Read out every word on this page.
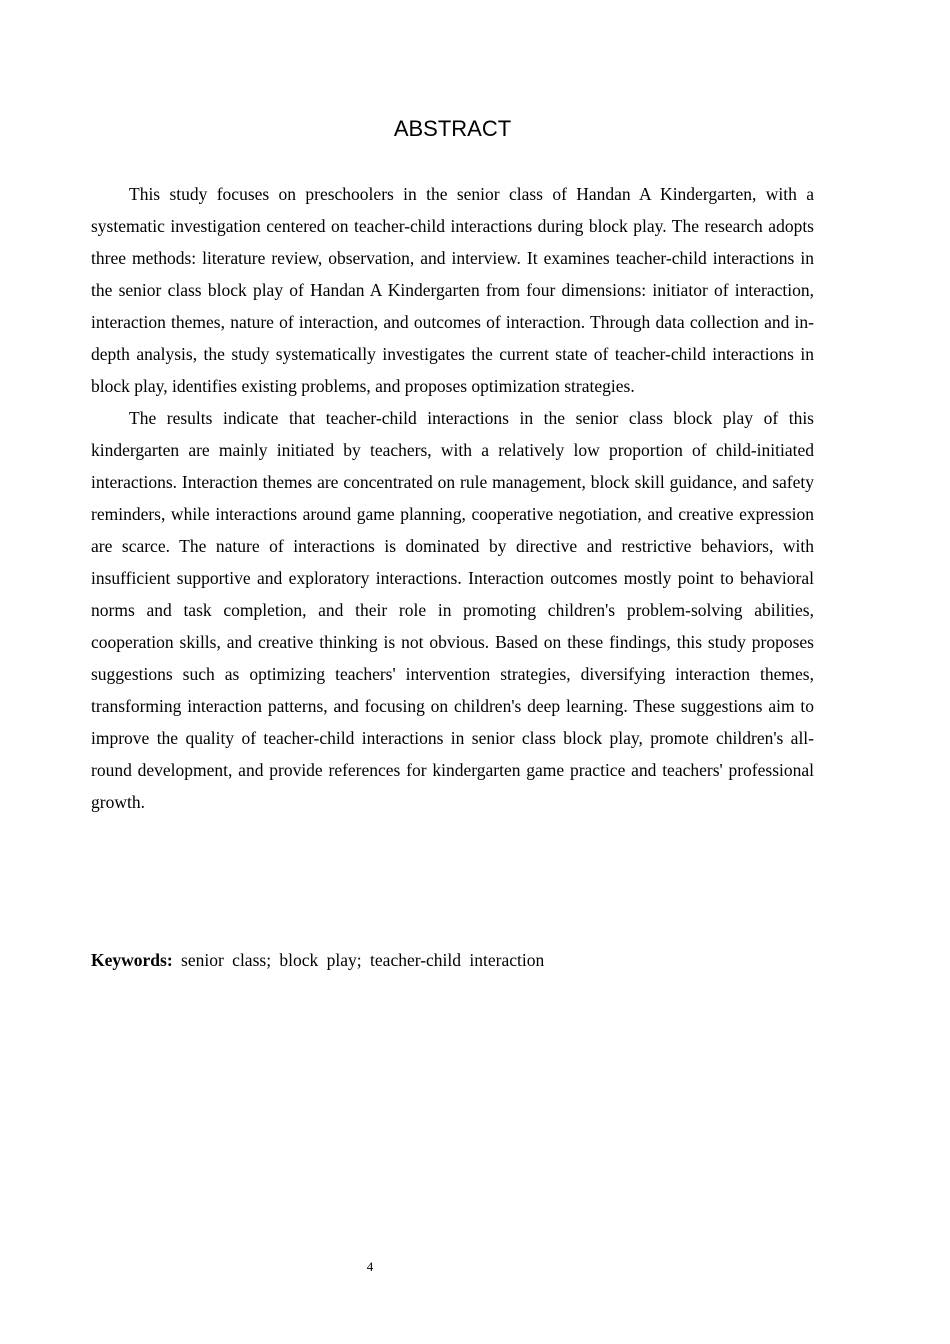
ABSTRACT

This study focuses on preschoolers in the senior class of Handan A Kindergarten, with a systematic investigation centered on teacher-child interactions during block play. The research adopts three methods: literature review, observation, and interview. It examines teacher-child interactions in the senior class block play of Handan A Kindergarten from four dimensions: initiator of interaction, interaction themes, nature of interaction, and outcomes of interaction. Through data collection and in-depth analysis, the study systematically investigates the current state of teacher-child interactions in block play, identifies existing problems, and proposes optimization strategies.

The results indicate that teacher-child interactions in the senior class block play of this kindergarten are mainly initiated by teachers, with a relatively low proportion of child-initiated interactions. Interaction themes are concentrated on rule management, block skill guidance, and safety reminders, while interactions around game planning, cooperative negotiation, and creative expression are scarce. The nature of interactions is dominated by directive and restrictive behaviors, with insufficient supportive and exploratory interactions. Interaction outcomes mostly point to behavioral norms and task completion, and their role in promoting children's problem-solving abilities, cooperation skills, and creative thinking is not obvious. Based on these findings, this study proposes suggestions such as optimizing teachers' intervention strategies, diversifying interaction themes, transforming interaction patterns, and focusing on children's deep learning. These suggestions aim to improve the quality of teacher-child interactions in senior class block play, promote children's all-round development, and provide references for kindergarten game practice and teachers' professional growth.

Keywords: senior class; block play; teacher-child interaction
4
